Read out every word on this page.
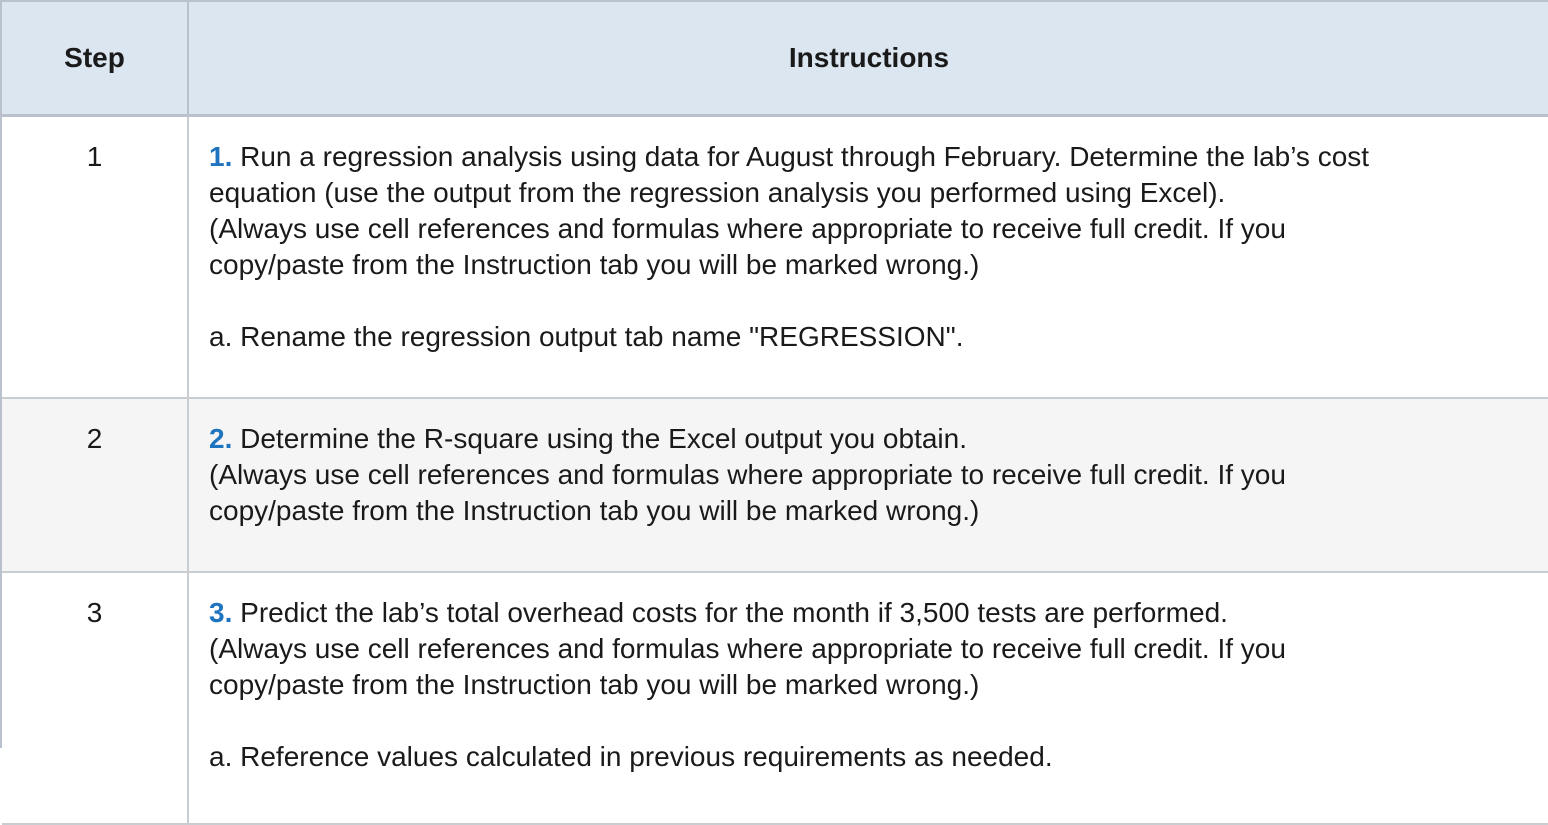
Step	Instructions
1	1. Run a regression analysis using data for August through February. Determine the lab’s cost
equation (use the output from the regression analysis you performed using Excel).
(Always use cell references and formulas where appropriate to receive full credit. If you
copy/paste from the Instruction tab you will be marked wrong.)
a. Rename the regression output tab name "REGRESSION".

2	2. Determine the R-square using the Excel output you obtain.
(Always use cell references and formulas where appropriate to receive full credit. If you
copy/paste from the Instruction tab you will be marked wrong.)

3	3. Predict the lab’s total overhead costs for the month if 3,500 tests are performed.
(Always use cell references and formulas where appropriate to receive full credit. If you
copy/paste from the Instruction tab you will be marked wrong.)
a. Reference values calculated in previous requirements as needed.
